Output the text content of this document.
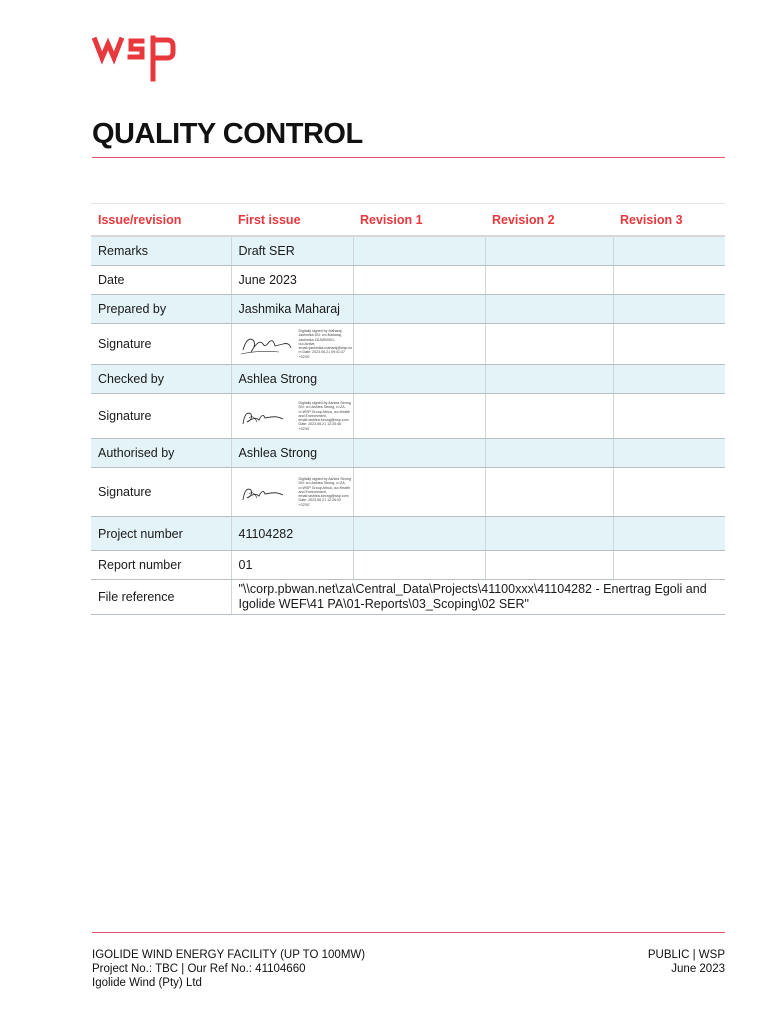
QUALITY CONTROL
Issue/revision	First issue	Revision 1	Revision 2	Revision 3
Remarks	Draft SER			
Date	June 2023			
Prepared by	Jashmika Maharaj			
Signature	Digitally signed by Maharaj, Jashmika DN: cn=Maharaj, Jashmika ZAJM00001, ou=Active, email=jashmika.maharaj@wsp.com Date: 2023.06.21 09:41:37 +02'00'			

Checked by	Ashlea Strong			
Signature	Digitally signed by Ashlea Strong DN: cn=Ashlea Strong, c=ZA, o=WSP Group Africa, ou=Health and Environment, email=ashlea.strong@wsp.com Date: 2023.06.21 12:25:46 +02'00'			

Authorised by	Ashlea Strong			
Signature	Digitally signed by Ashlea Strong DN: cn=Ashlea Strong, c=ZA, o=WSP Group Africa, ou=Health and Environment, email=ashlea.strong@wsp.com Date: 2023.06.21 12:26:02 +02'00'			

Project number	41104282			
Report number	01			
File reference	"\\corp.pbwan.net\za\Central_Data\Projects\41100xxx\41104282 - Enertrag Egoli and Igolide WEF\41 PA\01-Reports\03_Scoping\02 SER"			
IGOLIDE WIND ENERGY FACILITY (UP TO 100MW)
Project No.: TBC | Our Ref No.: 41104660
Igolide Wind (Pty) Ltd
PUBLIC | WSP
June 2023
